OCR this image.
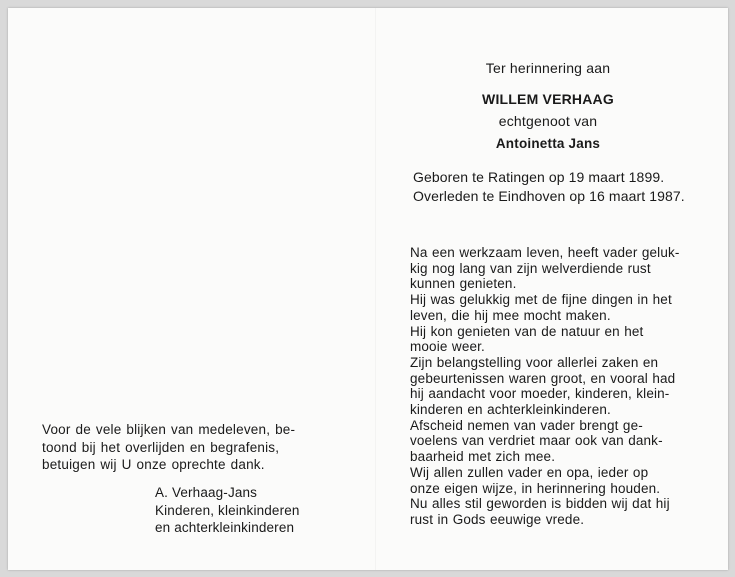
Ter herinnering aan
WILLEM VERHAAG
echtgenoot van
Antoinetta Jans
Geboren te Ratingen op 19 maart 1899.
Overleden te Eindhoven op 16 maart 1987.
Na een werkzaam leven, heeft vader geluk-
kig nog lang van zijn welverdiende rust
kunnen genieten.
Hij was gelukkig met de fijne dingen in het
leven, die hij mee mocht maken.
Hij kon genieten van de natuur en het
mooie weer.
Zijn belangstelling voor allerlei zaken en
gebeurtenissen waren groot, en vooral had
hij aandacht voor moeder, kinderen, klein-
kinderen en achterkleinkinderen.
Afscheid nemen van vader brengt ge-
voelens van verdriet maar ook van dank-
baarheid met zich mee.
Wij allen zullen vader en opa, ieder op
onze eigen wijze, in herinnering houden.
Nu alles stil geworden is bidden wij dat hij
rust in Gods eeuwige vrede.
Voor de vele blijken van medeleven, be-
toond bij het overlijden en begrafenis,
betuigen wij U onze oprechte dank.
A. Verhaag-Jans
Kinderen, kleinkinderen
en achterkleinkinderen
